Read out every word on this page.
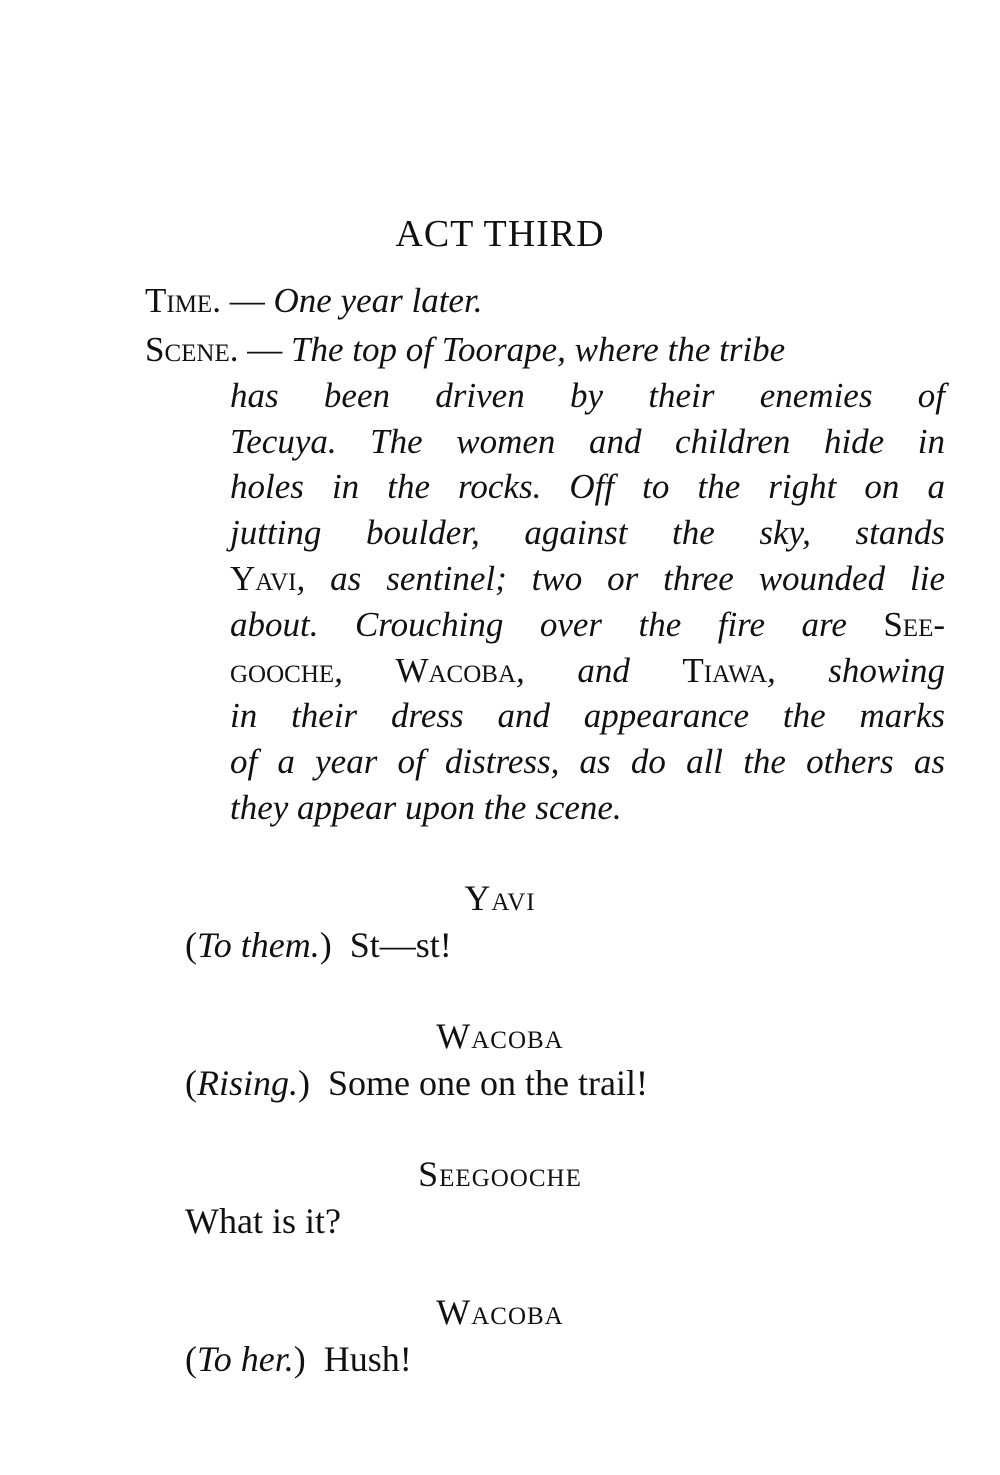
ACT THIRD
Time. — One year later.
Scene. — The top of Toorape, where the tribe
has been driven by their enemies of
Tecuya. The women and children hide in
holes in the rocks. Off to the right on a
jutting boulder, against the sky, stands
Yavi, as sentinel; two or three wounded lie
about. Crouching over the fire are See-
gooche, Wacoba, and Tiawa, showing
in their dress and appearance the marks
of a year of distress, as do all the others as
they appear upon the scene.
Yavi
(To them.)  St—st!
Wacoba
(Rising.)  Some one on the trail!
Seegooche
What is it?
Wacoba
(To her.)  Hush!
